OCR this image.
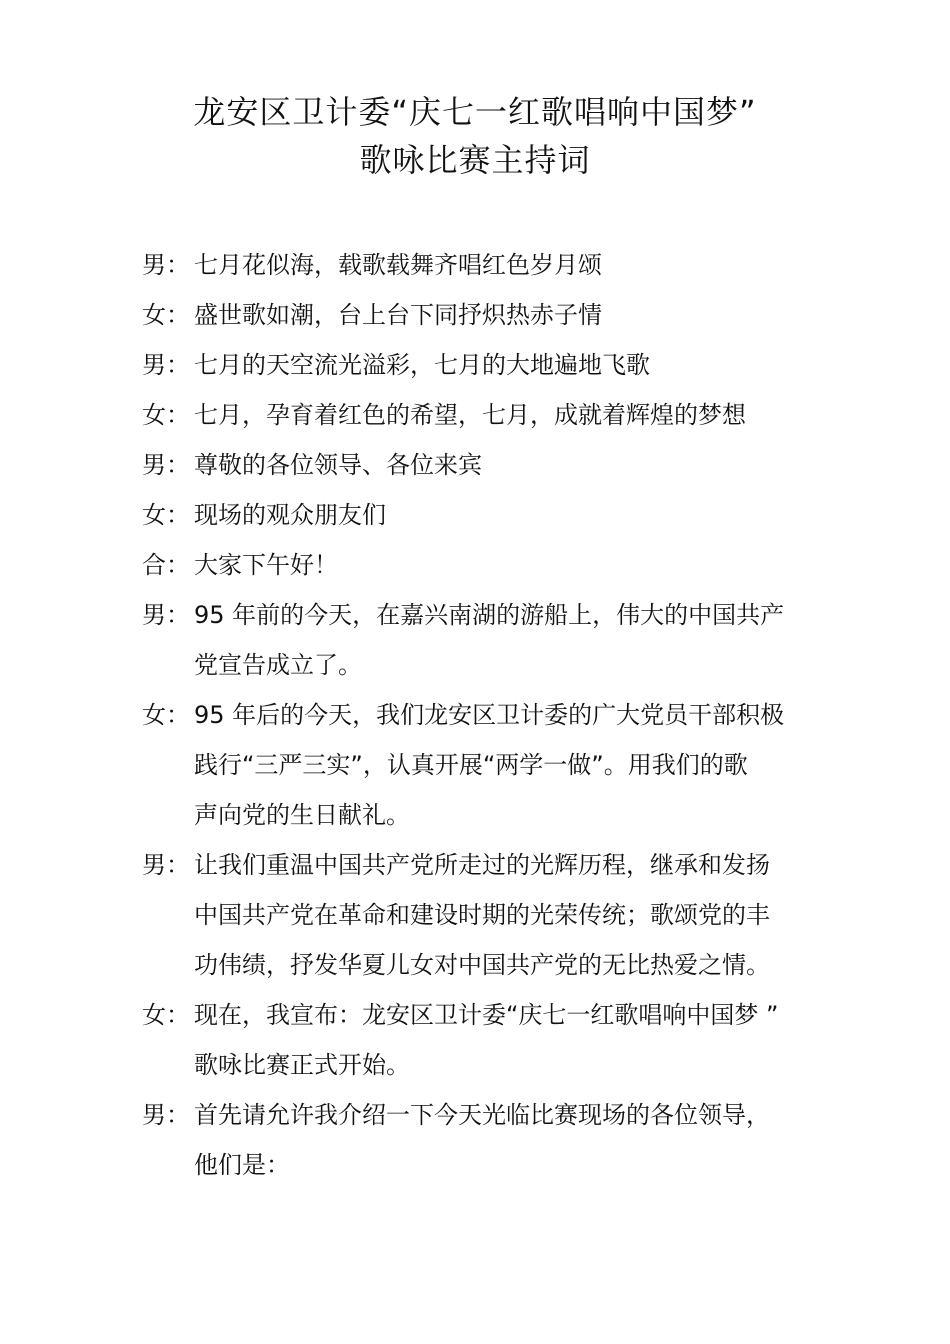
龙安区卫计委“庆七一红歌唱响中国梦”
歌咏比赛主持词
男： 七月花似海，载歌载舞齐唱红色岁月颂
女： 盛世歌如潮，台上台下同抒炽热赤子情
男： 七月的天空流光溢彩，七月的大地遍地飞歌
女： 七月，孕育着红色的希望，七月，成就着辉煌的梦想
男： 尊敬的各位领导、各位来宾
女： 现场的观众朋友们
合： 大家下午好！
男： 95 年前的今天，在嘉兴南湖的游船上，伟大的中国共产
党宣告成立了。
女： 95 年后的今天，我们龙安区卫计委的广大党员干部积极
践行“三严三实”，认真开展“两学一做”。用我们的歌
声向党的生日献礼。
男： 让我们重温中国共产党所走过的光辉历程，继承和发扬
中国共产党在革命和建设时期的光荣传统；歌颂党的丰
功伟绩，抒发华夏儿女对中国共产党的无比热爱之情。
女： 现在，我宣布：龙安区卫计委“庆七一红歌唱响中国梦 ”
歌咏比赛正式开始。
男： 首先请允许我介绍一下今天光临比赛现场的各位领导，
他们是：
